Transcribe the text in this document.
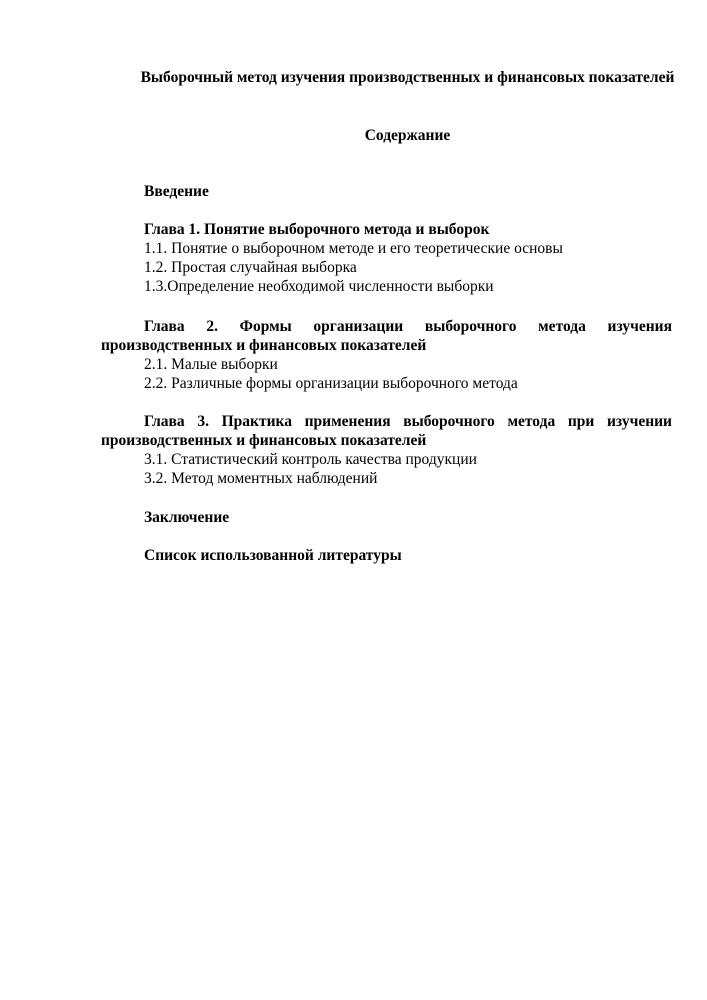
Выборочный метод изучения производственных и финансовых показателей
Содержание
Введение
Глава 1. Понятие выборочного метода и выборок
1.1. Понятие о выборочном методе и его теоретические основы
1.2. Простая случайная выборка
1.3.Определение необходимой численности выборки
Глава 2. Формы организации выборочного метода изучения производственных и финансовых показателей
2.1. Малые выборки
2.2. Различные формы организации выборочного метода
Глава 3. Практика применения выборочного метода при изучении производственных и финансовых показателей
3.1. Статистический контроль качества продукции
3.2. Метод моментных наблюдений
Заключение
Список использованной литературы
